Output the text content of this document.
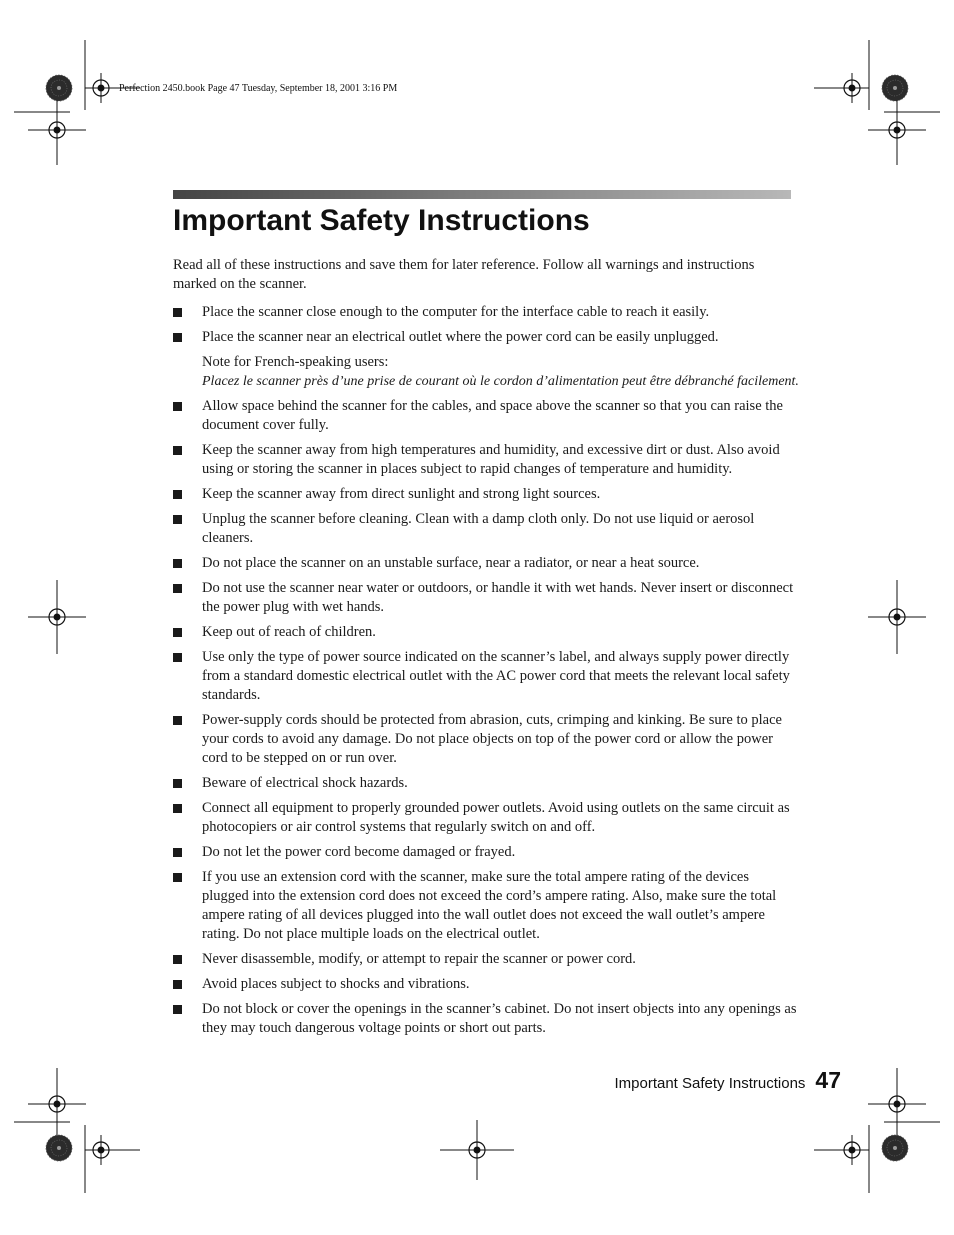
Perfection 2450.book Page 47 Tuesday, September 18, 2001 3:16 PM
Important Safety Instructions

Read all of these instructions and save them for later reference. Follow all warnings and instructions marked on the scanner.

Place the scanner close enough to the computer for the interface cable to reach it easily.
Place the scanner near an electrical outlet where the power cord can be easily unplugged.
Note for French-speaking users:
Placez le scanner près d’une prise de courant où le cordon d’alimentation peut être débranché facilement.
Allow space behind the scanner for the cables, and space above the scanner so that you can raise the document cover fully.
Keep the scanner away from high temperatures and humidity, and excessive dirt or dust. Also avoid using or storing the scanner in places subject to rapid changes of temperature and humidity.
Keep the scanner away from direct sunlight and strong light sources.
Unplug the scanner before cleaning. Clean with a damp cloth only. Do not use liquid or aerosol cleaners.
Do not place the scanner on an unstable surface, near a radiator, or near a heat source.
Do not use the scanner near water or outdoors, or handle it with wet hands. Never insert or disconnect the power plug with wet hands.
Keep out of reach of children.
Use only the type of power source indicated on the scanner’s label, and always supply power directly from a standard domestic electrical outlet with the AC power cord that meets the relevant local safety standards.
Power-supply cords should be protected from abrasion, cuts, crimping and kinking. Be sure to place your cords to avoid any damage. Do not place objects on top of the power cord or allow the power cord to be stepped on or run over.
Beware of electrical shock hazards.
Connect all equipment to properly grounded power outlets. Avoid using outlets on the same circuit as photocopiers or air control systems that regularly switch on and off.
Do not let the power cord become damaged or frayed.
If you use an extension cord with the scanner, make sure the total ampere rating of the devices plugged into the extension cord does not exceed the cord’s ampere rating. Also, make sure the total ampere rating of all devices plugged into the wall outlet does not exceed the wall outlet’s ampere rating. Do not place multiple loads on the electrical outlet.
Never disassemble, modify, or attempt to repair the scanner or power cord.
Avoid places subject to shocks and vibrations.
Do not block or cover the openings in the scanner’s cabinet. Do not insert objects into any openings as they may touch dangerous voltage points or short out parts.
Important Safety Instructions 47
